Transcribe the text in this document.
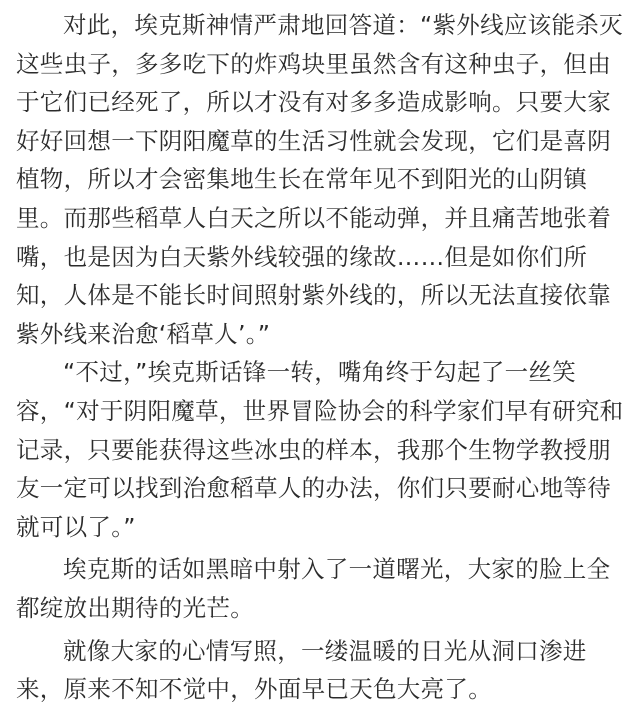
对此，埃克斯神情严肃地回答道：“紫外线应该能杀灭这些虫子，多多吃下的炸鸡块里虽然含有这种虫子，但由于它们已经死了，所以才没有对多多造成影响。只要大家好好回想一下阴阳魔草的生活习性就会发现，它们是喜阴植物，所以才会密集地生长在常年见不到阳光的山阴镇里。而那些稻草人白天之所以不能动弹，并且痛苦地张着嘴，也是因为白天紫外线较强的缘故……但是如你们所知，人体是不能长时间照射紫外线的，所以无法直接依靠紫外线来治愈‘稻草人’。”

“不过，”埃克斯话锋一转，嘴角终于勾起了一丝笑容，“对于阴阳魔草，世界冒险协会的科学家们早有研究和记录，只要能获得这些冰虫的样本，我那个生物学教授朋友一定可以找到治愈稻草人的办法，你们只要耐心地等待就可以了。”

埃克斯的话如黑暗中射入了一道曙光，大家的脸上全都绽放出期待的光芒。

就像大家的心情写照，一缕温暖的日光从洞口渗进来，原来不知不觉中，外面早已天色大亮了。
